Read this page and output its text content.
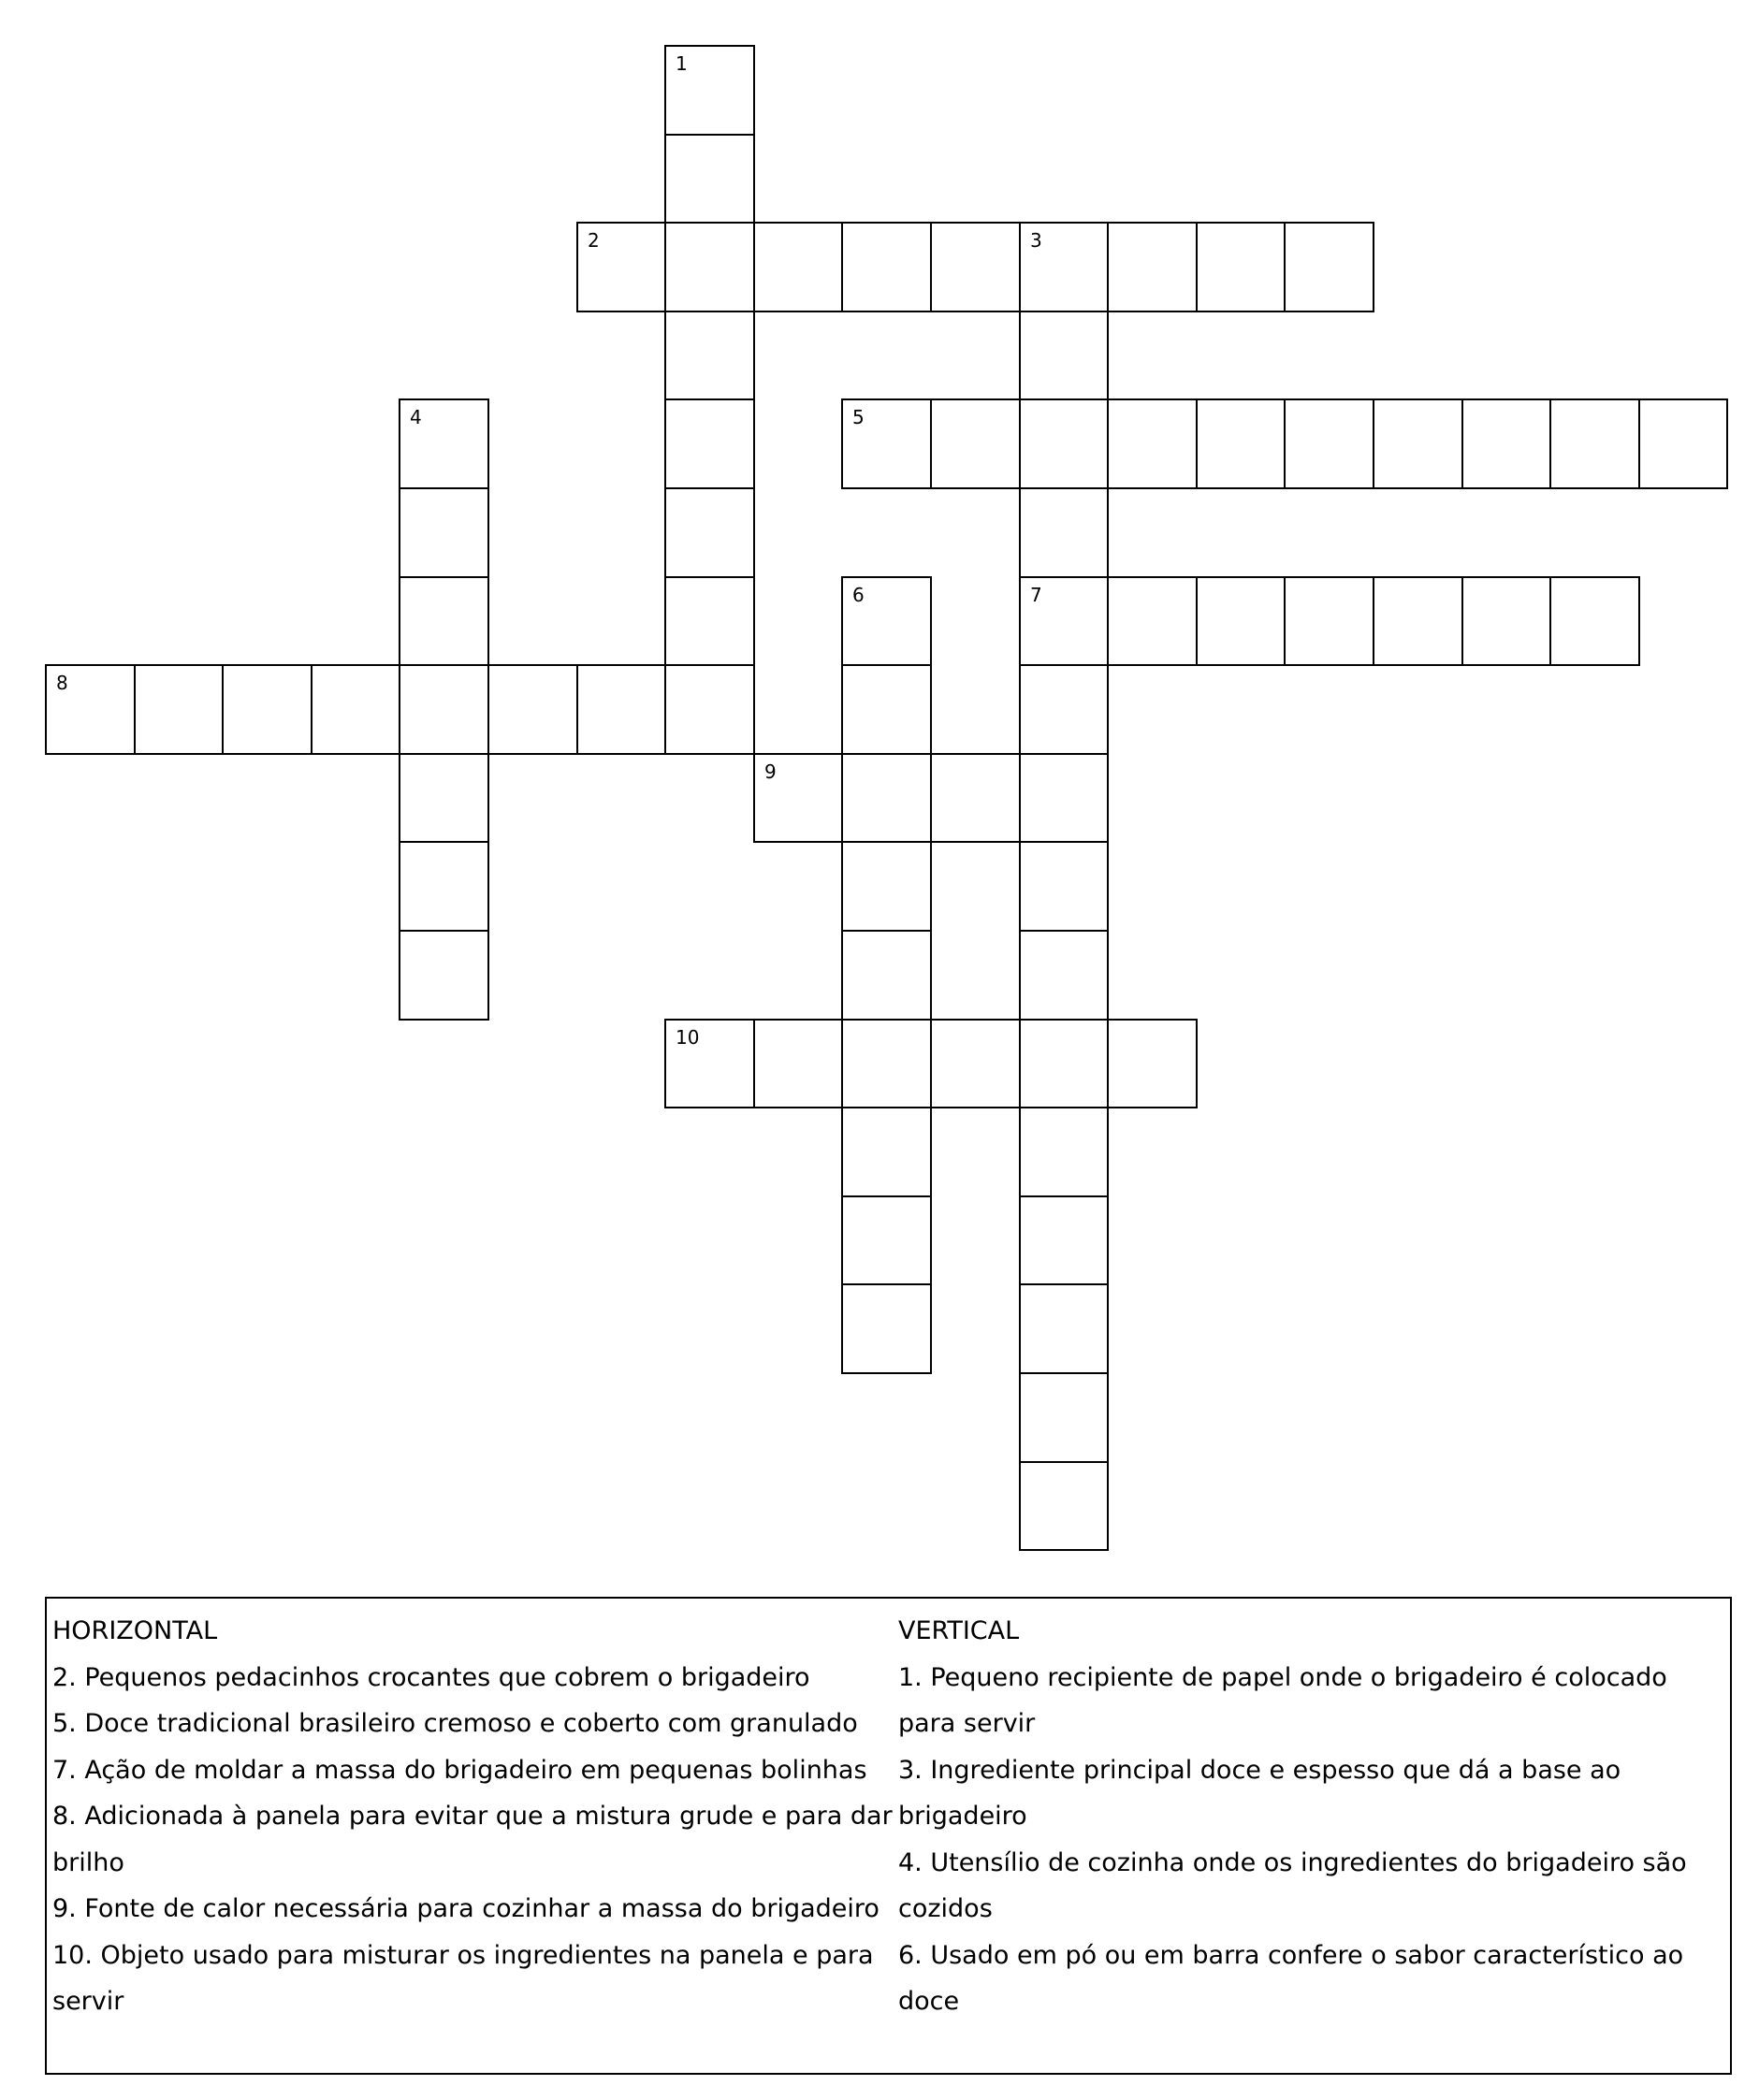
1
2	3
7
4	5
6
8
9
10
HORIZONTAL
2. Pequenos pedacinhos crocantes que cobrem o brigadeiro
5. Doce tradicional brasileiro cremoso e coberto com granulado
7. Ação de moldar a massa do brigadeiro em pequenas bolinhas
8. Adicionada à panela para evitar que a mistura grude e para dar brilho
9. Fonte de calor necessária para cozinhar a massa do brigadeiro
10. Objeto usado para misturar os ingredientes na panela e para servir
VERTICAL
1. Pequeno recipiente de papel onde o brigadeiro é colocado para servir
3. Ingrediente principal doce e espesso que dá a base ao brigadeiro
4. Utensílio de cozinha onde os ingredientes do brigadeiro são cozidos
6. Usado em pó ou em barra confere o sabor característico ao doce
